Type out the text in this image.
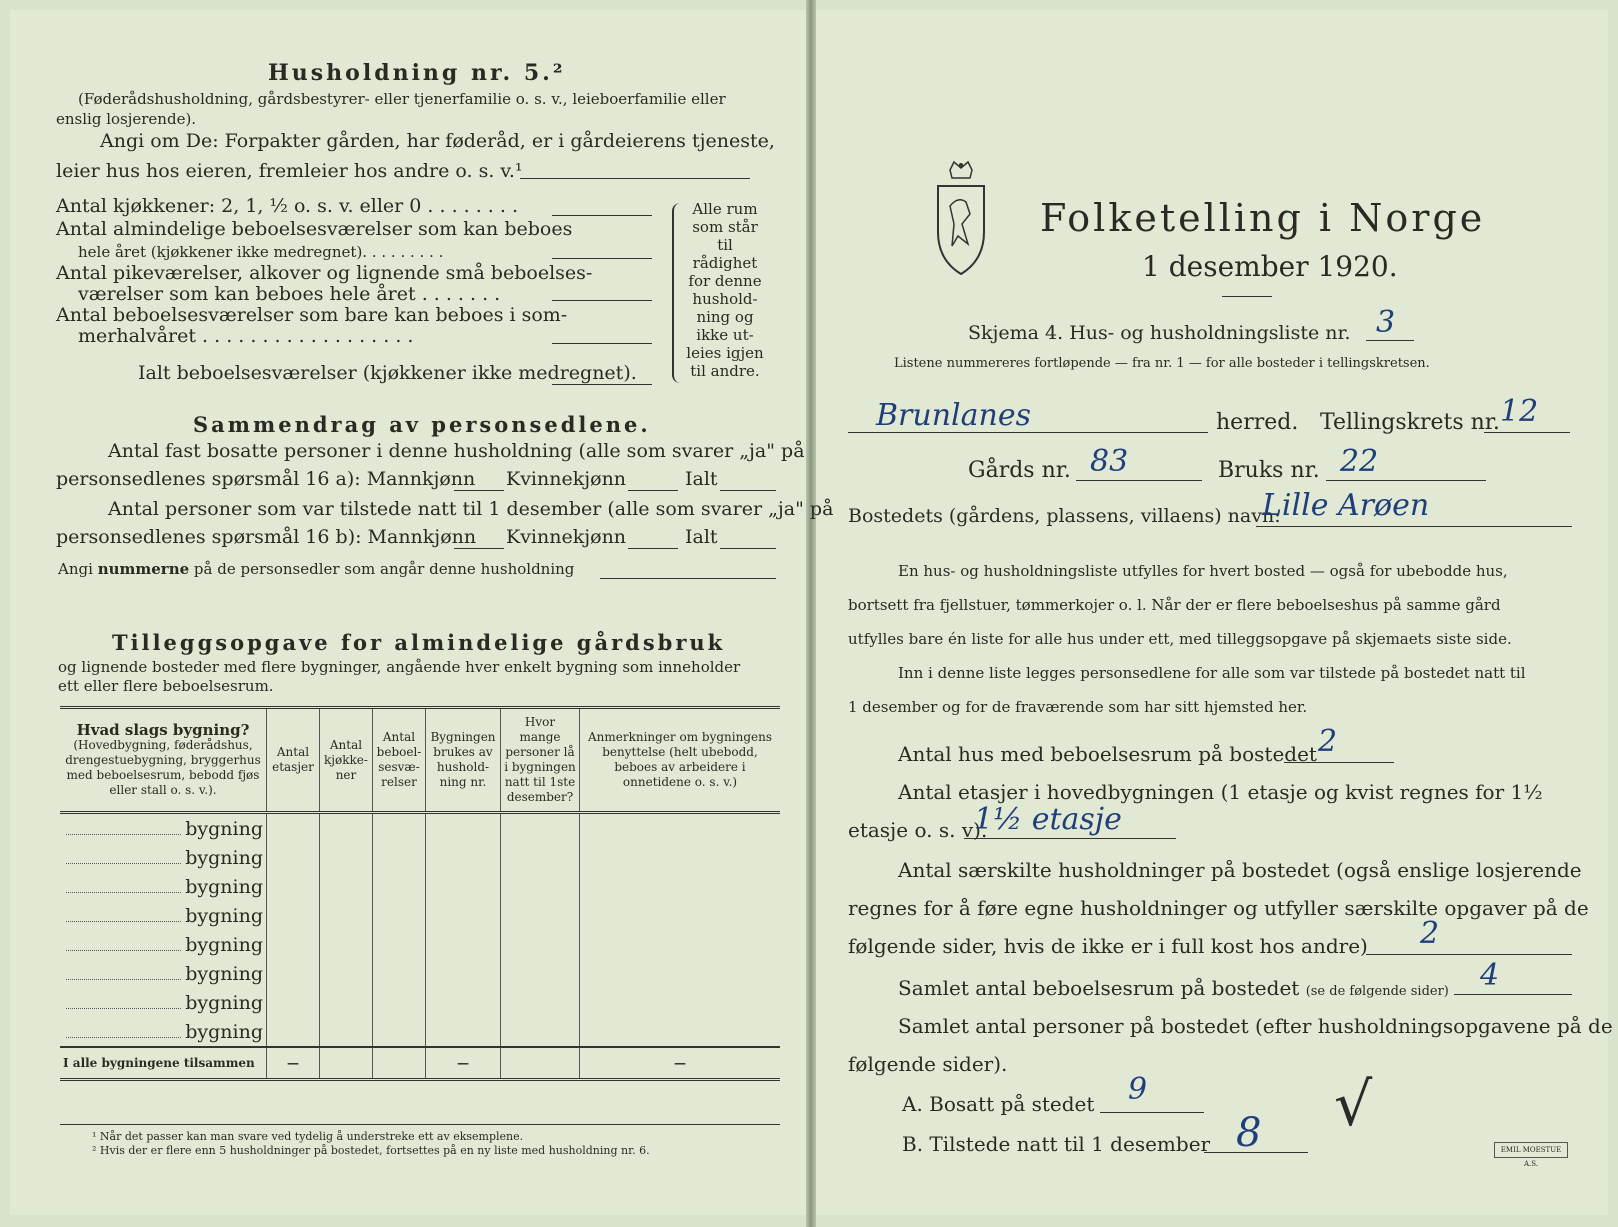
Husholdning nr. 5.²
(Føderådshusholdning, gårdsbestyrer- eller tjenerfamilie o. s. v., leieboerfamilie eller
enslig losjerende).
Angi om De: Forpakter gården, har føderåd, er i gårdeierens tjeneste,
leier hus hos eieren, fremleier hos andre o. s. v.¹
Antal kjøkkener: 2, 1, ½ o. s. v. eller 0 . . . . . . . .
Antal almindelige beboelsesværelser som kan beboes
hele året (kjøkkener ikke medregnet). . . . . . . . .
Antal pikeværelser, alkover og lignende små beboelses-
værelser som kan beboes hele året . . . . . . .
Antal beboelsesværelser som bare kan beboes i som-
merhalvåret . . . . . . . . . . . . . . . . . .
Ialt beboelsesværelser (kjøkkener ikke medregnet).
Alle rum
som står til
rådighet
for denne
hushold-
ning og
ikke ut-
leies igjen
til andre.
Sammendrag av personsedlene.
Antal fast bosatte personer i denne husholdning (alle som svarer „ja" på
personsedlenes spørsmål 16 a): Mannkjønn Kvinnekjønn	Ialt
Antal personer som var tilstede natt til 1 desember (alle som svarer „ja" på
personsedlenes spørsmål 16 b): Mannkjønn Kvinnekjønn	Ialt
Angi nummerne på de personsedler som angår denne husholdning
Tilleggsopgave for almindelige gårdsbruk
og lignende bosteder med flere bygninger, angående hver enkelt bygning som inneholder
ett eller flere beboelsesrum.
Hvad slags bygning?
(Hovedbygning, føderådshus, drengestuebygning, bryggerhus med beboelsesrum, bebodd fjøs eller stall o. s. v.).	Antal etasjer	Antal kjøkke-ner	Antal beboel-sesvæ-relser	Bygningen brukes av hushold-ning nr.	Hvor mange personer lå i bygningen natt til 1ste desember?	Anmerkninger om bygningens benyttelse (helt ubebodd, beboes av arbeidere i onnetidene o. s. v.)
bygning						
bygning						
bygning						
bygning						
bygning						
bygning						
bygning						
bygning						
I alle bygningene tilsammen	—			—		—
¹ Når det passer kan man svare ved tydelig å understreke ett av eksemplene.
² Hvis der er flere enn 5 husholdninger på bostedet, fortsettes på en ny liste med husholdning nr. 6.
Folketelling i Norge
1 desember 1920.
Skjema 4. Hus- og husholdningsliste nr. 3
Listene nummereres fortløpende — fra nr. 1 — for alle bosteder i tellingskretsen.
Brunlanes	herred. Tellingskrets nr. 12
Gårds nr. 83	Bruks nr. 22
Bostedets (gårdens, plassens, villaens) navn:
Lille Arøen
En hus- og husholdningsliste utfylles for hvert bosted — også for ubebodde hus,
bortsett fra fjellstuer, tømmerkojer o. l. Når der er flere beboelseshus på samme gård
utfylles bare én liste for alle hus under ett, med tilleggsopgave på skjemaets siste side.
Inn i denne liste legges personsedlene for alle som var tilstede på bostedet natt til
1 desember og for de fraværende som har sitt hjemsted her.
Antal hus med beboelsesrum på bostedet 2
Antal etasjer i hovedbygningen (1 etasje og kvist regnes for 1½
etasje o. s. v).
1½ etasje
Antal særskilte husholdninger på bostedet (også enslige losjerende
regnes for å føre egne husholdninger og utfyller særskilte opgaver på de
følgende sider, hvis de ikke er i full kost hos andre) 2
Samlet antal beboelsesrum på bostedet (se de følgende sider) 4
Samlet antal personer på bostedet (efter husholdningsopgavene på de
følgende sider).
A. Bosatt på stedet 9
B. Tilstede natt til 1 desember 8 √
EMIL MOESTUE A.S.
